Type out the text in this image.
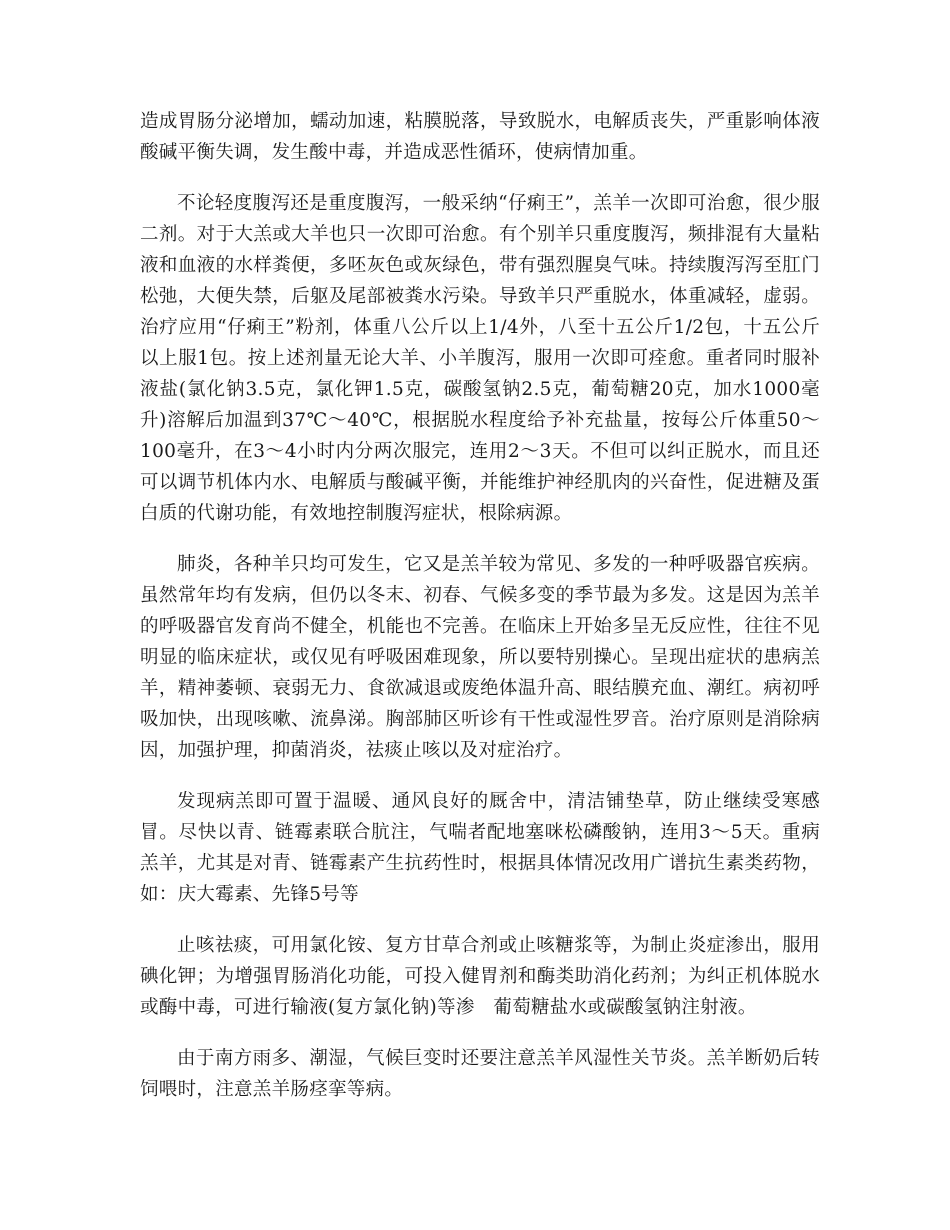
造成胃肠分泌增加，蠕动加速，粘膜脱落，导致脱水，电解质丧失，严重影响体液酸碱平衡失调，发生酸中毒，并造成恶性循环，使病情加重。

不论轻度腹泻还是重度腹泻，一般采纳“仔痢王”，羔羊一次即可治愈，很少服二剂。对于大羔或大羊也只一次即可治愈。有个别羊只重度腹泻，频排混有大量粘液和血液的水样粪便，多呸灰色或灰绿色，带有强烈腥臭气味。持续腹泻泻至肛门松弛，大便失禁，后躯及尾部被粪水污染。导致羊只严重脱水，体重减轻，虚弱。治疗应用“仔痢王”粉剂，体重八公斤以上1/4外，八至十五公斤1/2包，十五公斤以上服1包。按上述剂量无论大羊、小羊腹泻，服用一次即可痊愈。重者同时服补液盐(氯化钠3.5克，氯化钾1.5克，碳酸氢钠2.5克，葡萄糖20克，加水1000毫升)溶解后加温到37℃～40℃，根据脱水程度给予补充盐量，按每公斤体重50～100毫升，在3～4小时内分两次服完，连用2～3天。不但可以纠正脱水，而且还可以调节机体内水、电解质与酸碱平衡，并能维护神经肌肉的兴奋性，促进糖及蛋白质的代谢功能，有效地控制腹泻症状，根除病源。

肺炎，各种羊只均可发生，它又是羔羊较为常见、多发的一种呼吸器官疾病。虽然常年均有发病，但仍以冬末、初春、气候多变的季节最为多发。这是因为羔羊的呼吸器官发育尚不健全，机能也不完善。在临床上开始多呈无反应性，往往不见明显的临床症状，或仅见有呼吸困难现象，所以要特别操心。呈现出症状的患病羔羊，精神萎顿、衰弱无力、食欲减退或废绝体温升高、眼结膜充血、潮红。病初呼吸加快，出现咳嗽、流鼻涕。胸部肺区听诊有干性或湿性罗音。治疗原则是消除病因，加强护理，抑菌消炎，祛痰止咳以及对症治疗。

发现病羔即可置于温暖、通风良好的厩舍中，清洁铺垫草，防止继续受寒感冒。尽快以青、链霉素联合肮注，气喘者配地塞咪松磷酸钠，连用3～5天。重病羔羊，尤其是对青、链霉素产生抗药性时，根据具体情况改用广谱抗生素类药物，如：庆大霉素、先锋5号等

止咳祛痰，可用氯化铵、复方甘草合剂或止咳糖浆等，为制止炎症渗出，服用碘化钾；为增强胃肠消化功能，可投入健胃剂和酶类助消化药剂；为纠正机体脱水或酶中毒，可进行输液(复方氯化钠)等渗　葡萄糖盐水或碳酸氢钠注射液。

由于南方雨多、潮湿，气候巨变时还要注意羔羊风湿性关节炎。羔羊断奶后转饲喂时，注意羔羊肠痉挛等病。
